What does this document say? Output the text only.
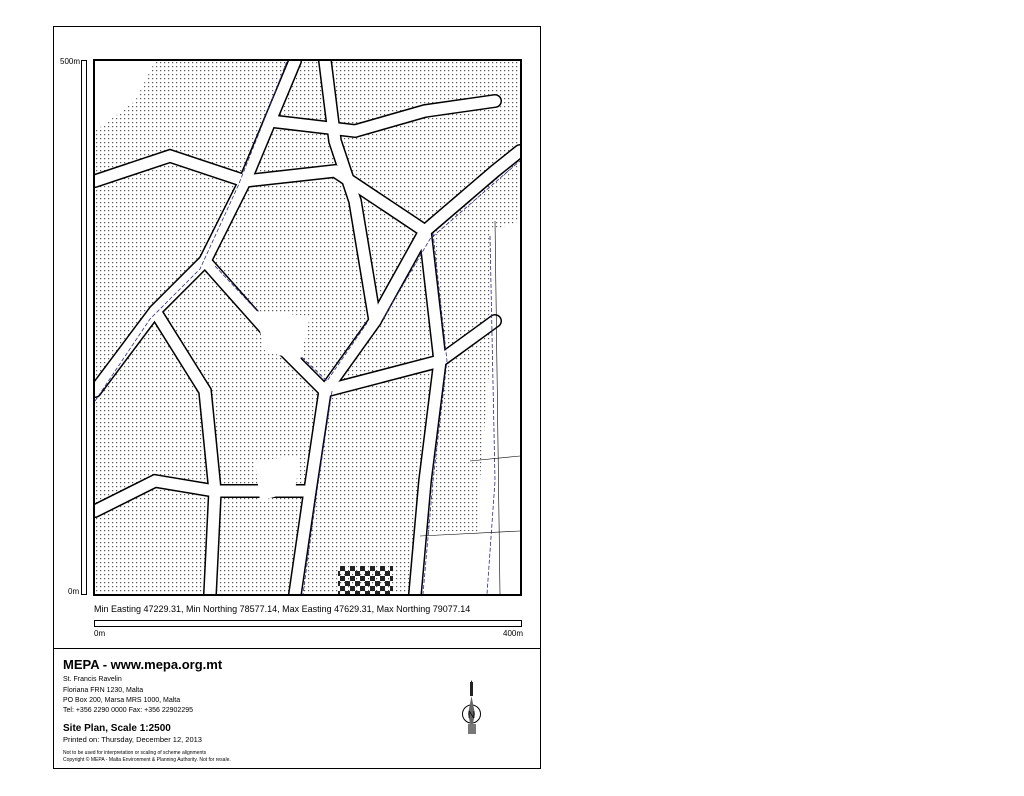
500m
0m
Min Easting 47229.31, Min Northing 78577.14, Max Easting 47629.31, Max Northing 79077.14
0m	400m
MEPA - www.mepa.org.mt
St. Francis Ravelin
Floriana FRN 1230, Malta
PO Box 200, Marsa MRS 1000, Malta
Tel: +356 2290 0000 Fax: +356 22902295
Site Plan, Scale 1:2500
Printed on: Thursday, December 12, 2013
Not to be used for interpretation or scaling of scheme alignments
Copyright © MEPA - Malta Environment & Planning Authority. Not for resale.
N
